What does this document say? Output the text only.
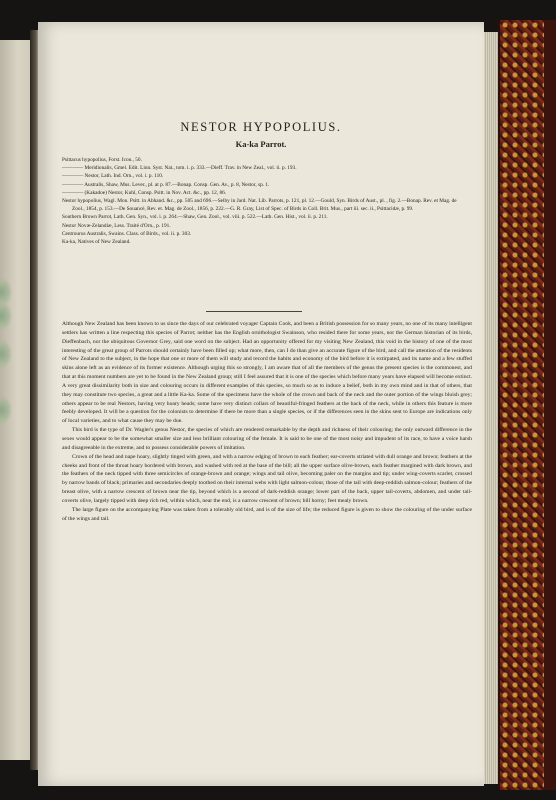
NESTOR HYPOPOLIUS.
Ka-ka Parrot.

Psittacus hypopolius, Forst. Icon., 50.

———— Meridionalis, Gmel. Edit. Linn. Syst. Nat., tom. i. p. 333.—Dieff. Trav. in New Zeal., vol. ii. p. 193.

———— Nestor, Lath. Ind. Orn., vol. i. p. 110.

———— Australis, Shaw, Mus. Lever., pl. at p. 87.—Bonap. Consp. Gen. Av., p. 8, Nestor, sp. 1.

———— (Kakadoe) Nestor, Kuhl, Consp. Psitt. in Nov. Act. &c., pp. 12, 86.

Nestor hypopolius, Wagl. Mon. Psitt. in Abhand. &c., pp. 505 and 696.—Selby in Jard. Nat. Lib. Parrots, p. 121, pl. 12.—Gould, Syn. Birds of Aust., pl. , fig. 2.—Bonap. Rev. et Mag. de Zool., 1854, p. 153.—De Souancé, Rev. et. Mag. de Zool., 1856, p. 222.—G. R. Gray, List of Spec. of Birds in Coll. Brit. Mus., part iii. sec. ii., Psittacidæ, p. 99.

Southern Brown Parrot, Lath. Gen. Syn., vol. i. p. 264.—Shaw, Gen. Zool., vol. viii. p. 522.—Lath. Gen. Hist., vol. ii. p. 211.

Nestor Novæ-Zelandiæ, Less. Traité d'Orn., p. 191.

Centrourus Australis, Swains. Class. of Birds., vol. ii. p. 303.

Ka-ka, Natives of New Zealand.

Although New Zealand has been known to us since the days of our celebrated voyager Captain Cook, and been a British possession for so many years, no one of its many intelligent settlers has written a line respecting this species of Parrot; neither has the English ornithologist Swainson, who resided there for some years, nor the German historian of its birds, Dieffenbach, nor the ubiquitous Governor Grey, said one word on the subject. Had an opportunity offered for my visiting New Zealand, this void in the history of one of the most interesting of the great group of Parrots should certainly have been filled up; what more, then, can I do than give an accurate figure of the bird, and call the attention of the residents of New Zealand to the subject, in the hope that one or more of them will study and record the habits and economy of the bird before it is extirpated, and its name and a few stuffed skins alone left as an evidence of its former existence. Although urging this so strongly, I am aware that of all the members of the genus the present species is the commonest, and that at this moment numbers are yet to be found in the New Zealand group; still I feel assured that it is one of the species which before many years have elapsed will become extinct. A very great dissimilarity both in size and colouring occurs in different examples of this species, so much so as to induce a belief, both in my own mind and in that of others, that they may constitute two species, a great and a little Ka-ka. Some of the specimens have the whole of the crown and back of the neck and the outer portion of the wings bluish grey; others appear to be real Nestors, having very hoary heads; some have very distinct collars of beautiful-fringed feathers at the back of the neck, while in others this feature is more feebly developed. It will be a question for the colonists to determine if there be more than a single species, or if the differences seen in the skins sent to Europe are indications only of local varieties, and to what cause they may be due.

This bird is the type of Dr. Wagler's genus Nestor, the species of which are rendered remarkable by the depth and richness of their colouring; the only outward difference in the sexes would appear to be the somewhat smaller size and less brilliant colouring of the female. It is said to be one of the most noisy and impudent of its race, to have a voice harsh and disagreeable in the extreme, and to possess considerable powers of imitation.

Crown of the head and nape hoary, slightly tinged with green, and with a narrow edging of brown to each feather; ear-coverts striated with dull orange and brown; feathers at the cheeks and front of the throat hoary bordered with brown, and washed with red at the base of the bill; all the upper surface olive-brown, each feather margined with dark brown, and the feathers of the neck tipped with three semicircles of orange-brown and orange; wings and tail olive, becoming paler on the margins and tip; under wing-coverts scarlet, crossed by narrow bands of black; primaries and secondaries deeply toothed on their internal webs with light salmon-colour, those of the tail with deep-reddish salmon-colour; feathers of the breast olive, with a narrow crescent of brown near the tip, beyond which is a second of dark-reddish orange; lower part of the back, upper tail-coverts, abdomen, and under tail-coverts olive, largely tipped with deep rich red, within which, near the end, is a narrow crescent of brown; bill horny; feet mealy brown.

The large figure on the accompanying Plate was taken from a tolerably old bird, and is of the size of life; the reduced figure is given to show the colouring of the under surface of the wings and tail.
